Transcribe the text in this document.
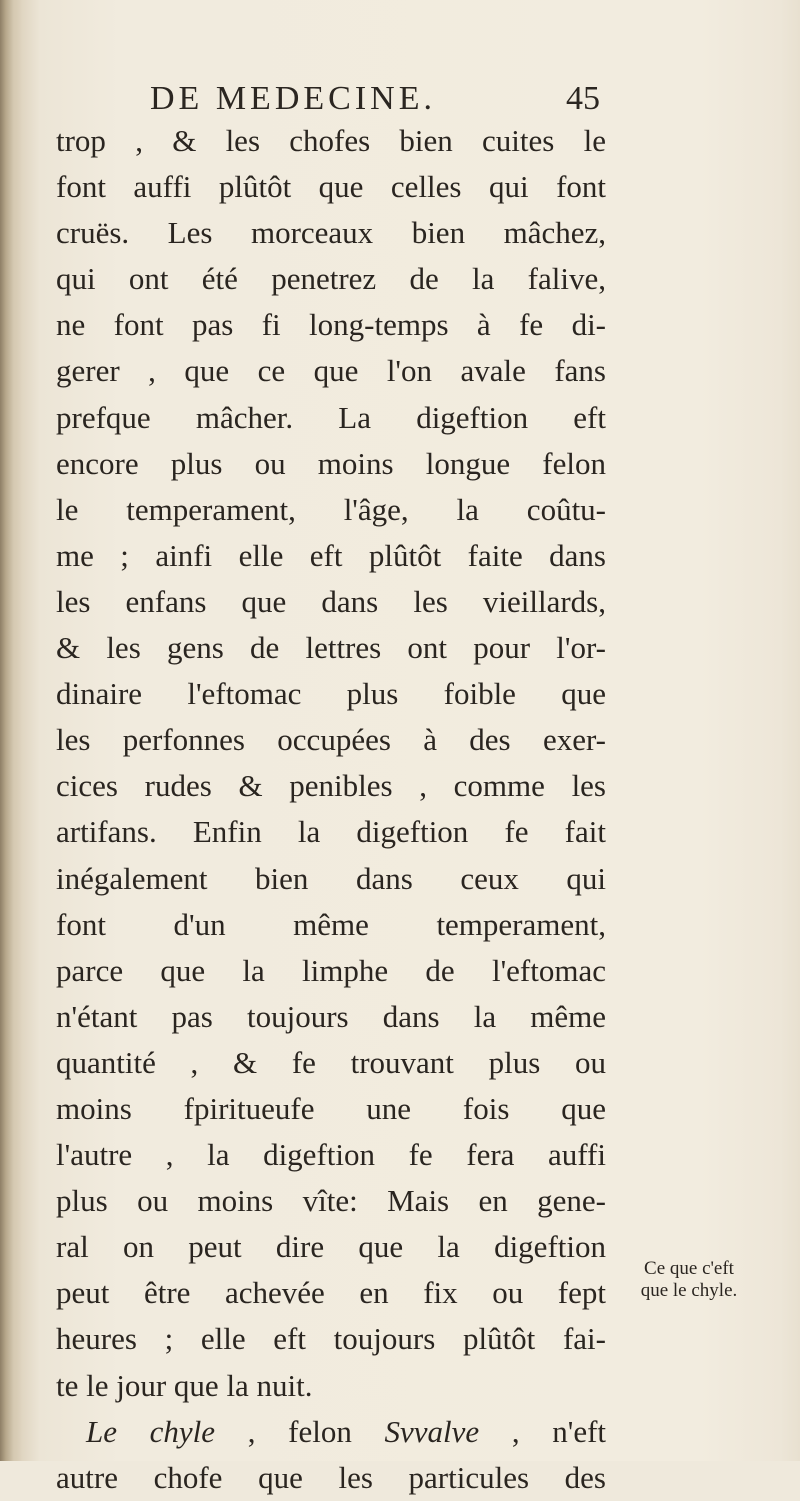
DE MEDECINE.	45
trop , & les chofes bien cuites le
font auffi plûtôt que celles qui font
cruës. Les morceaux bien mâchez,
qui ont été penetrez de la falive,
ne font pas fi long-temps à fe di-
gerer , que ce que l'on avale fans
prefque mâcher. La digeftion eft
encore plus ou moins longue felon
le temperament, l'âge, la coûtu-
me ; ainfi elle eft plûtôt faite dans
les enfans que dans les vieillards,
& les gens de lettres ont pour l'or-
dinaire l'eftomac plus foible que
les perfonnes occupées à des exer-
cices rudes & penibles , comme les
artifans. Enfin la digeftion fe fait
inégalement bien dans ceux qui
font d'un même temperament,
parce que la limphe de l'eftomac
n'étant pas toujours dans la même
quantité , & fe trouvant plus ou
moins fpiritueufe une fois que
l'autre , la digeftion fe fera auffi
plus ou moins vîte: Mais en gene-
ral on peut dire que la digeftion
peut être achevée en fix ou fept
heures ; elle eft toujours plûtôt fai-
te le jour que la nuit.
Le chyle , felon Svvalve , n'eft
autre chofe que les particules des
Ce que c'eft
que le chyle.
